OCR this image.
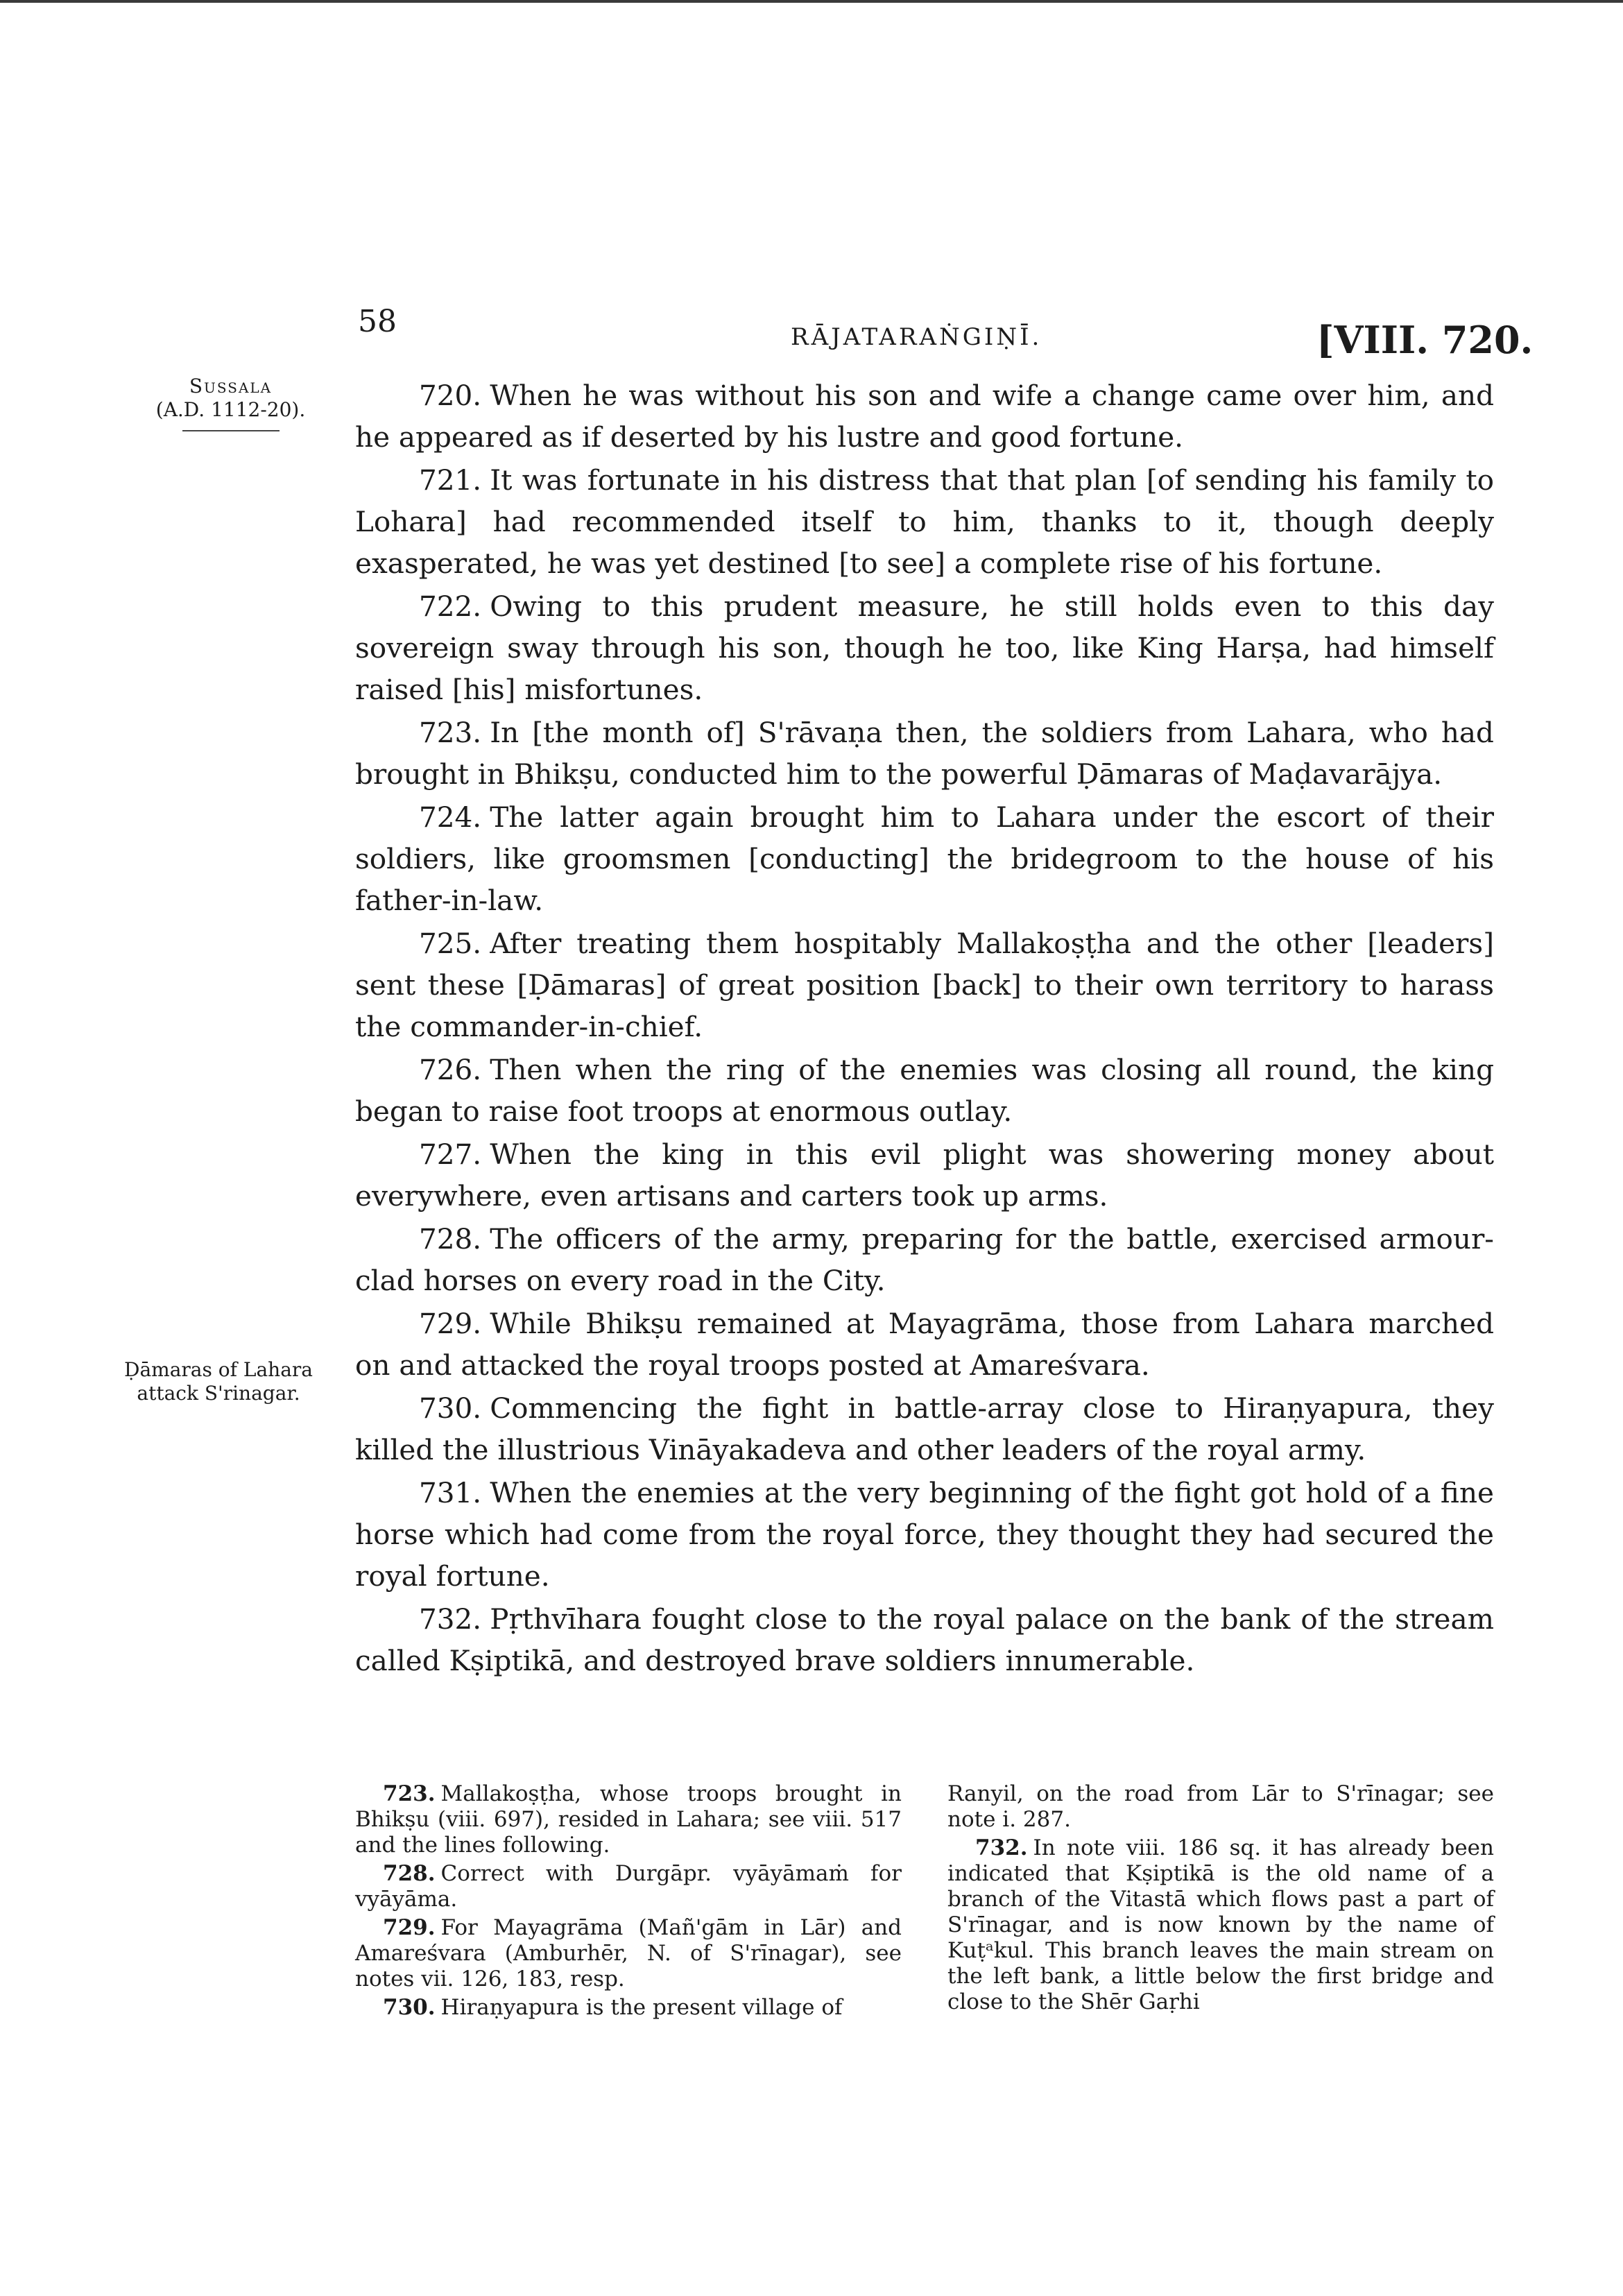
58	RĀJATARAṄGIṆĪ.	[VIII. 720.
Sussala
(A.D. 1112-20).
Ḍāmaras of Lahara attack S'rinagar.

720. When he was without his son and wife a change came over him, and he appeared as if deserted by his lustre and good fortune.

721. It was fortunate in his distress that that plan [of sending his family to Lohara] had recommended itself to him, thanks to it, though deeply exasperated, he was yet destined [to see] a complete rise of his fortune.

722. Owing to this prudent measure, he still holds even to this day sovereign sway through his son, though he too, like King Harṣa, had himself raised [his] misfortunes.

723. In [the month of] S'rāvaṇa then, the soldiers from Lahara, who had brought in Bhikṣu, conducted him to the powerful Ḍāmaras of Maḍavarājya.

724. The latter again brought him to Lahara under the escort of their soldiers, like groomsmen [conducting] the bridegroom to the house of his father-in-law.

725. After treating them hospitably Mallakoṣṭha and the other [leaders] sent these [Ḍāmaras] of great position [back] to their own territory to harass the commander-in-chief.

726. Then when the ring of the enemies was closing all round, the king began to raise foot troops at enormous outlay.

727. When the king in this evil plight was showering money about everywhere, even artisans and carters took up arms.

728. The officers of the army, preparing for the battle, exercised armour-clad horses on every road in the City.

729. While Bhikṣu remained at Mayagrāma, those from Lahara marched on and attacked the royal troops posted at Amareśvara.

730. Commencing the fight in battle-array close to Hiraṇyapura, they killed the illustrious Vināyakadeva and other leaders of the royal army.

731. When the enemies at the very beginning of the fight got hold of a fine horse which had come from the royal force, they thought they had secured the royal fortune.

732. Pṛthvīhara fought close to the royal palace on the bank of the stream called Kṣiptikā, and destroyed brave soldiers innumerable.

723. Mallakoṣṭha, whose troops brought in Bhikṣu (viii. 697), resided in Lahara; see viii. 517 and the lines following.

728. Correct with Durgāpr. vyāyāmaṁ for vyāyāma.

729. For Mayagrāma (Mañ'gām in Lār) and Amareśvara (Amburhēr, N. of S'rīnagar), see notes vii. 126, 183, resp.

730. Hiraṇyapura is the present village of

Ranyil, on the road from Lār to S'rīnagar; see note i. 287.

732. In note viii. 186 sq. it has already been indicated that Kṣiptikā is the old name of a branch of the Vitastā which flows past a part of S'rīnagar, and is now known by the name of Kuṭᵃkul. This branch leaves the main stream on the left bank, a little below the first bridge and close to the Shēr Gaṛhi
